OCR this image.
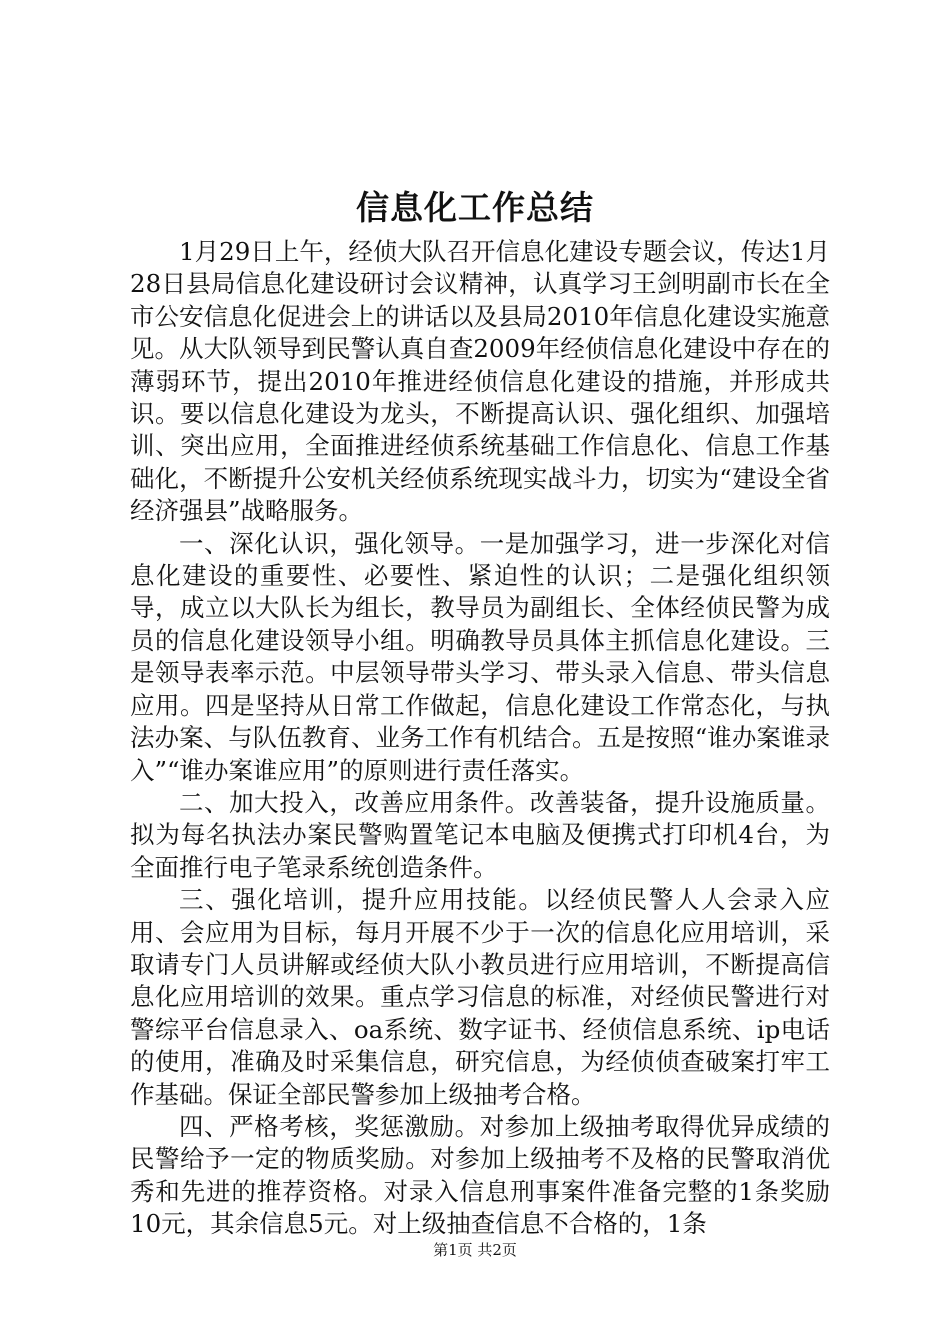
信息化工作总结

1月29日上午，经侦大队召开信息化建设专题会议，传达1月28日县局信息化建设研讨会议精神，认真学习王剑明副市长在全市公安信息化促进会上的讲话以及县局2010年信息化建设实施意见。从大队领导到民警认真自查2009年经侦信息化建设中存在的薄弱环节，提出2010年推进经侦信息化建设的措施，并形成共识。要以信息化建设为龙头，不断提高认识、强化组织、加强培训、突出应用，全面推进经侦系统基础工作信息化、信息工作基础化，不断提升公安机关经侦系统现实战斗力，切实为“建设全省经济强县”战略服务。

一、深化认识，强化领导。一是加强学习，进一步深化对信息化建设的重要性、必要性、紧迫性的认识；二是强化组织领导，成立以大队长为组长，教导员为副组长、全体经侦民警为成员的信息化建设领导小组。明确教导员具体主抓信息化建设。三是领导表率示范。中层领导带头学习、带头录入信息、带头信息应用。四是坚持从日常工作做起，信息化建设工作常态化，与执法办案、与队伍教育、业务工作有机结合。五是按照“谁办案谁录入”“谁办案谁应用”的原则进行责任落实。

二、加大投入，改善应用条件。改善装备，提升设施质量。拟为每名执法办案民警购置笔记本电脑及便携式打印机4台，为全面推行电子笔录系统创造条件。

三、强化培训，提升应用技能。以经侦民警人人会录入应用、会应用为目标，每月开展不少于一次的信息化应用培训，采取请专门人员讲解或经侦大队小教员进行应用培训，不断提高信息化应用培训的效果。重点学习信息的标准，对经侦民警进行对警综平台信息录入、oa系统、数字证书、经侦信息系统、ip电话的使用，准确及时采集信息，研究信息，为经侦侦查破案打牢工作基础。保证全部民警参加上级抽考合格。

四、严格考核，奖惩激励。对参加上级抽考取得优异成绩的民警给予一定的物质奖励。对参加上级抽考不及格的民警取消优秀和先进的推荐资格。对录入信息刑事案件准备完整的1条奖励10元，其余信息5元。对上级抽查信息不合格的，1条

第1页 共2页
